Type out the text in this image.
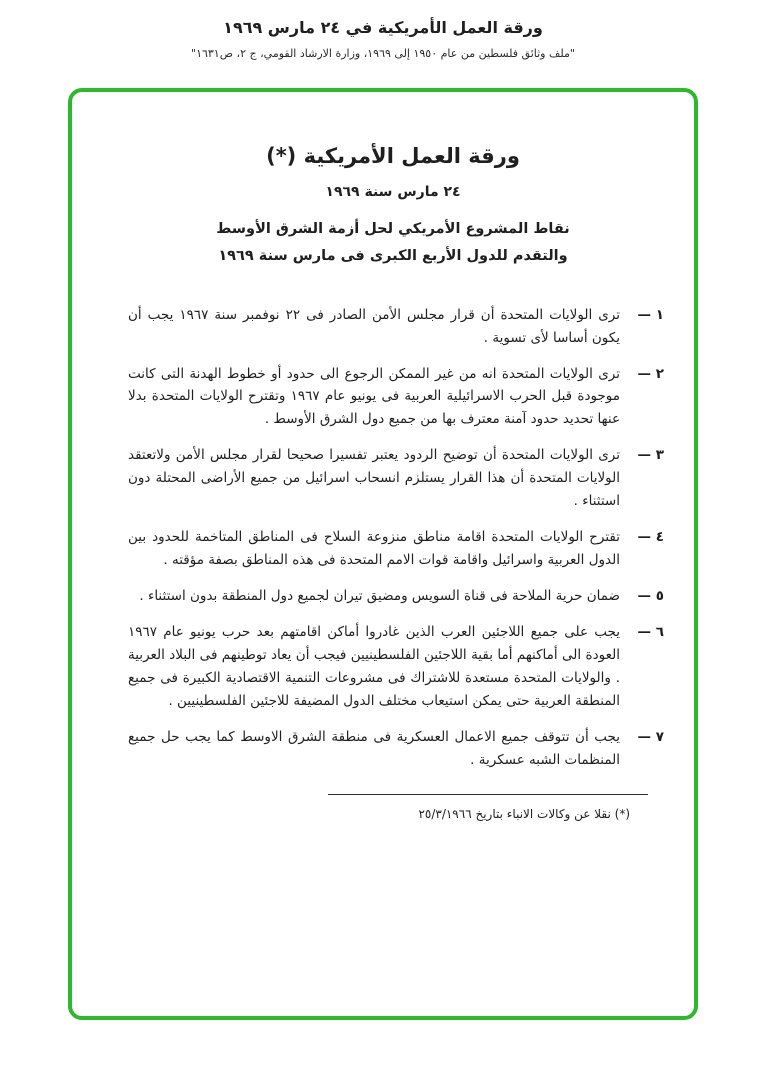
ورقة العمل الأمريكية في ٢٤ مارس ١٩٦٩
"ملف وثائق فلسطين من عام ١٩٥٠ إلى ١٩٦٩، وزارة الارشاد القومي، ج ٢، ص١٦٣١"
ورقة العمل الأمريكية (*)
٢٤ مارس سنة ١٩٦٩
نقاط المشروع الأمريكي لحل أزمة الشرق الأوسط
والتقدم للدول الأربع الكبرى فى مارس سنة ١٩٦٩
١ —
ترى الولايات المتحدة أن قرار مجلس الأمن الصادر فى ٢٢ نوفمبر سنة ١٩٦٧ يجب أن يكون أساسا لأى تسوية .
٢ —
ترى الولايات المتحدة انه من غير الممكن الرجوع الى حدود أو خطوط الهدنة التى كانت موجودة قبل الحرب الاسرائيلية العربية فى يونيو عام ١٩٦٧ وتقترح الولايات المتحدة بدلا عنها تحديد حدود آمنة معترف بها من جميع دول الشرق الأوسط .
٣ —
ترى الولايات المتحدة أن توضيح الردود يعتبر تفسيرا صحيحا لقرار مجلس الأمن ولاتعتقد الولايات المتحدة أن هذا القرار يستلزم انسحاب اسرائيل من جميع الأراضى المحتلة دون استثناء .
٤ —
تقترح الولايات المتحدة اقامة مناطق منزوعة السلاح فى المناطق المتاخمة للحدود بين الدول العربية واسرائيل واقامة قوات الامم المتحدة فى هذه المناطق بصفة مؤقته .
٥ —
ضمان حرية الملاحة فى قناة السويس ومضيق تيران لجميع دول المنطقة بدون استثناء .
٦ —
يجب على جميع اللاجئين العرب الذين غادروا أماكن اقامتهم بعد حرب يونيو عام ١٩٦٧ العودة الى أماكنهم أما بقية اللاجئين الفلسطينيين فيجب أن يعاد توطينهم فى البلاد العربية . والولايات المتحدة مستعدة للاشتراك فى مشروعات التنمية الاقتصادية الكبيرة فى جميع المنطقة العربية حتى يمكن استيعاب مختلف الدول المضيفة للاجئين الفلسطينيين .
٧ —
يجب أن تتوقف جميع الاعمال العسكرية فى منطقة الشرق الاوسط كما يجب حل جميع المنظمات الشبه عسكرية .
(*) نقلا عن وكالات الانباء بتاريخ ٢٥/٣/١٩٦٦
